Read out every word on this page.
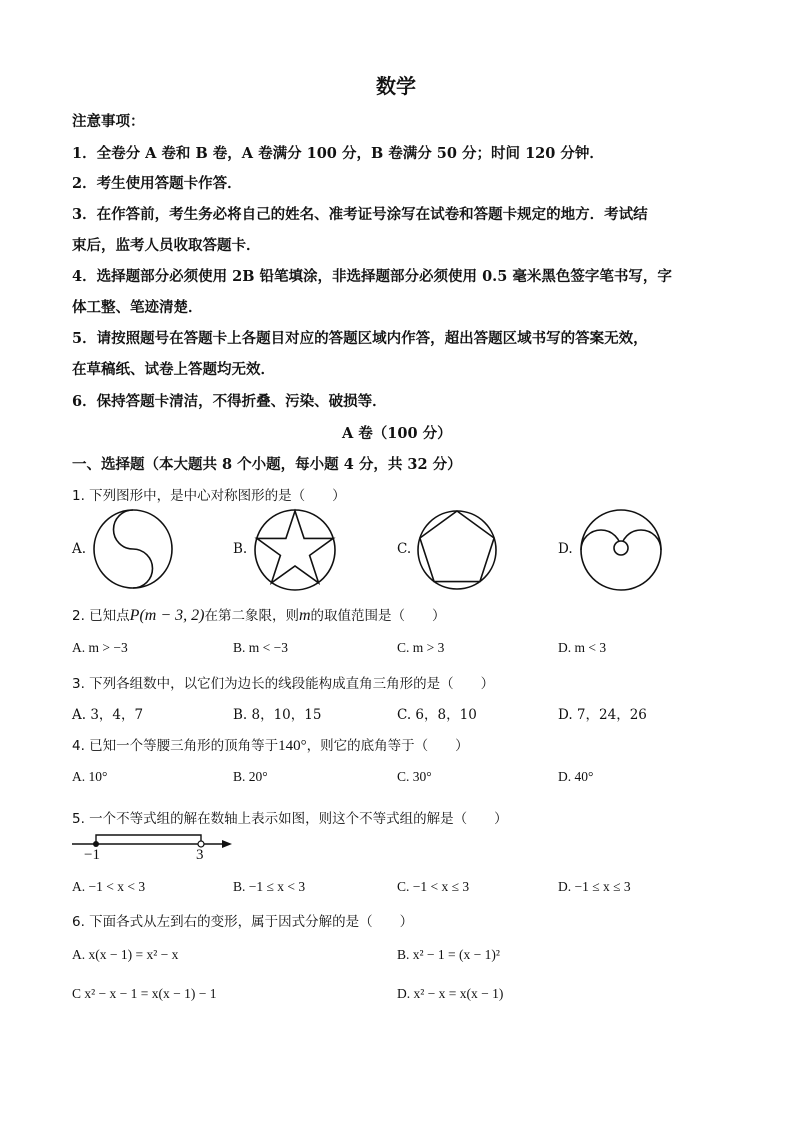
数学
注意事项：
1．全卷分 A 卷和 B 卷，A 卷满分 100 分，B 卷满分 50 分；时间 120 分钟．
2．考生使用答题卡作答．
3．在作答前，考生务必将自己的姓名、准考证号涂写在试卷和答题卡规定的地方．考试结
束后，监考人员收取答题卡．
4．选择题部分必须使用 2B 铅笔填涂，非选择题部分必须使用 0.5 毫米黑色签字笔书写，字
体工整、笔迹清楚．
5．请按照题号在答题卡上各题目对应的答题区域内作答，超出答题区域书写的答案无效，
在草稿纸、试卷上答题均无效．
6．保持答题卡清洁，不得折叠、污染、破损等．
A 卷（100 分）
一、选择题（本大题共 8 个小题，每小题 4 分，共 32 分）
1. 下列图形中，是中心对称图形的是（　　）
A.	B.	C.	D.
2. 已知点P(m − 3, 2)在第二象限，则m的取值范围是（　　）
A. m > −3	B. m < −3	C. m > 3	D. m < 3
3. 下列各组数中，以它们为边长的线段能构成直角三角形的是（　　）
A. 3，4，7	B. 8，10，15	C. 6，8，10	D. 7，24，26
4. 已知一个等腰三角形的顶角等于140°，则它的底角等于（　　）
A. 10°	B. 20°	C. 30°	D. 40°
5. 一个不等式组的解在数轴上表示如图，则这个不等式组的解是（　　）
−1	3
A. −1 < x < 3	B. −1 ≤ x < 3	C. −1 < x ≤ 3	D. −1 ≤ x ≤ 3
6. 下面各式从左到右的变形，属于因式分解的是（　　）
A. x(x − 1) = x² − x	B. x² − 1 = (x − 1)²
C x² − x − 1 = x(x − 1) − 1	D. x² − x = x(x − 1)
